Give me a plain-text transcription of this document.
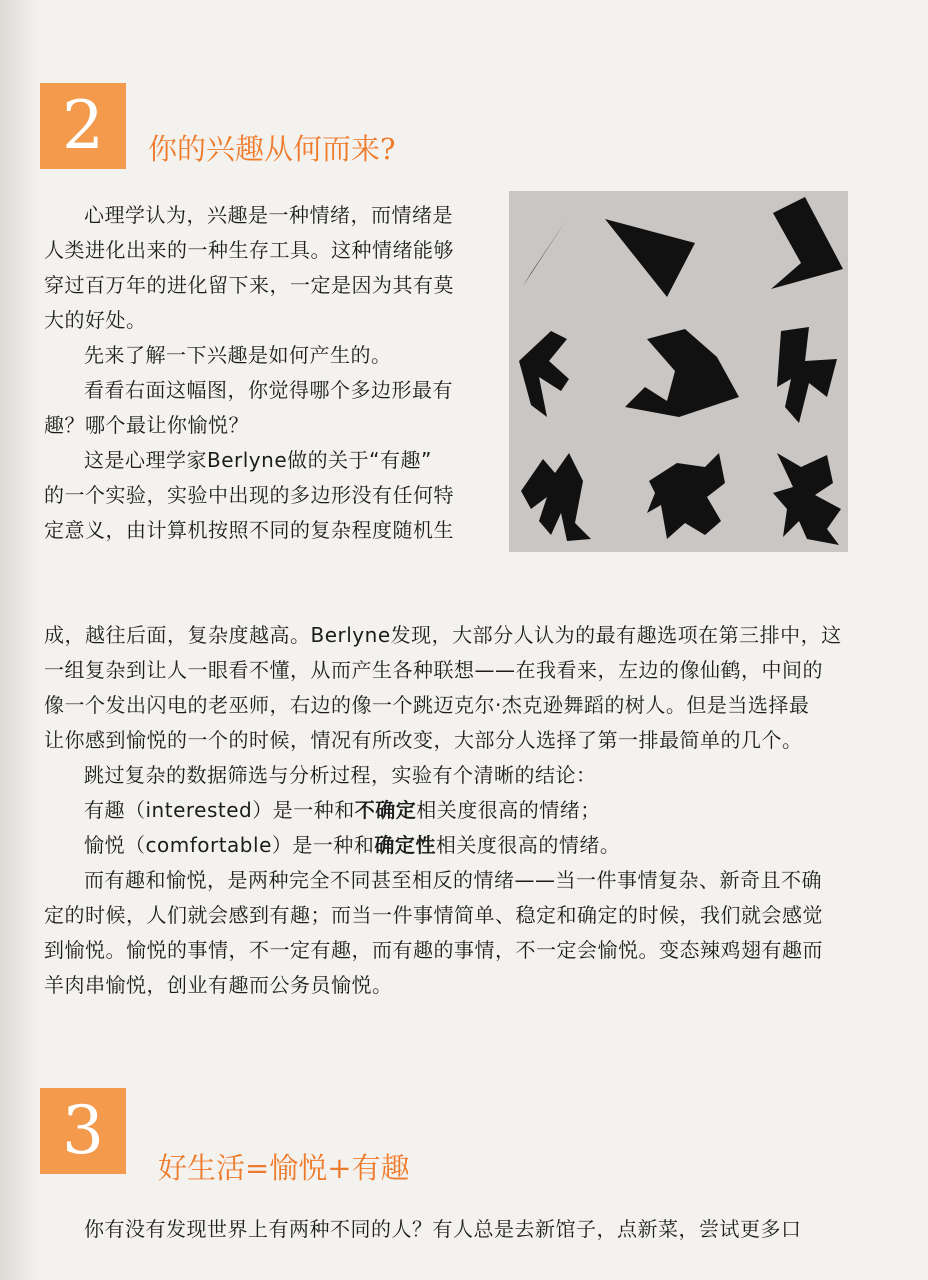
2	你的兴趣从何而来?

心理学认为，兴趣是一种情绪，而情绪是

人类进化出来的一种生存工具。这种情绪能够

穿过百万年的进化留下来，一定是因为其有莫

大的好处。

先来了解一下兴趣是如何产生的。

看看右面这幅图，你觉得哪个多边形最有

趣？哪个最让你愉悦？

这是心理学家Berlyne做的关于“有趣”

的一个实验，实验中出现的多边形没有任何特

定意义，由计算机按照不同的复杂程度随机生

成，越往后面，复杂度越高。Berlyne发现，大部分人认为的最有趣选项在第三排中，这

一组复杂到让人一眼看不懂，从而产生各种联想——在我看来，左边的像仙鹤，中间的

像一个发出闪电的老巫师，右边的像一个跳迈克尔·杰克逊舞蹈的树人。但是当选择最

让你感到愉悦的一个的时候，情况有所改变，大部分人选择了第一排最简单的几个。

跳过复杂的数据筛选与分析过程，实验有个清晰的结论：

有趣（interested）是一种和不确定相关度很高的情绪；

愉悦（comfortable）是一种和确定性相关度很高的情绪。

而有趣和愉悦，是两种完全不同甚至相反的情绪——当一件事情复杂、新奇且不确

定的时候，人们就会感到有趣；而当一件事情简单、稳定和确定的时候，我们就会感觉

到愉悦。愉悦的事情，不一定有趣，而有趣的事情，不一定会愉悦。变态辣鸡翅有趣而

羊肉串愉悦，创业有趣而公务员愉悦。

3	好生活=愉悦+有趣

你有没有发现世界上有两种不同的人？有人总是去新馆子，点新菜，尝试更多口
